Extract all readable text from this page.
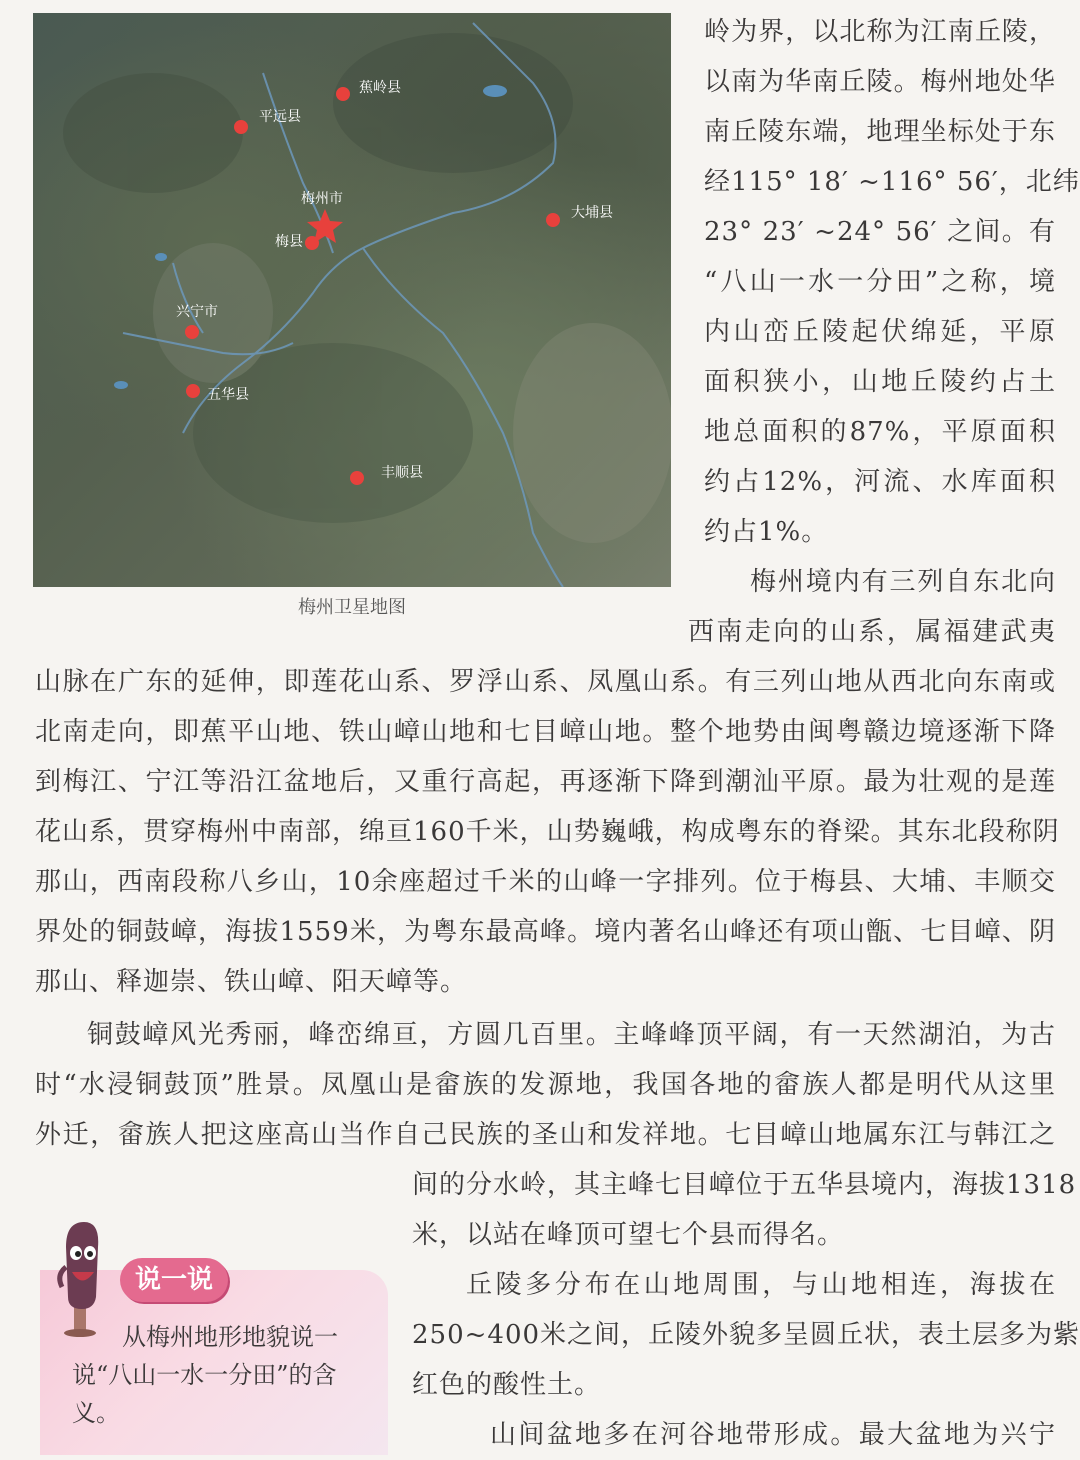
蕉岭县
平远县
梅州市
梅县
大埔县
兴宁市
五华县
丰顺县
梅州卫星地图
岭为界，以北称为江南丘陵，
以南为华南丘陵。梅州地处华
南丘陵东端，地理坐标处于东
经115° 18′ ~116° 56′，北纬
23° 23′ ~24° 56′ 之间。有
“八山一水一分田”之称，境
内山峦丘陵起伏绵延，平原
面积狭小，山地丘陵约占土
地总面积的87%，平原面积
约占12%，河流、水库面积
约占1%。
梅州境内有三列自东北向
西南走向的山系，属福建武夷
山脉在广东的延伸，即莲花山系、罗浮山系、凤凰山系。有三列山地从西北向东南或
北南走向，即蕉平山地、铁山嶂山地和七目嶂山地。整个地势由闽粤赣边境逐渐下降
到梅江、宁江等沿江盆地后，又重行高起，再逐渐下降到潮汕平原。最为壮观的是莲
花山系，贯穿梅州中南部，绵亘160千米，山势巍峨，构成粤东的脊梁。其东北段称阴
那山，西南段称八乡山，10余座超过千米的山峰一字排列。位于梅县、大埔、丰顺交
界处的铜鼓嶂，海拔1559米，为粤东最高峰。境内著名山峰还有项山甑、七目嶂、阴
那山、释迦崇、铁山嶂、阳天嶂等。
铜鼓嶂风光秀丽，峰峦绵亘，方圆几百里。主峰峰顶平阔，有一天然湖泊，为古
时“水浸铜鼓顶”胜景。凤凰山是畲族的发源地，我国各地的畲族人都是明代从这里
外迁，畲族人把这座高山当作自己民族的圣山和发祥地。七目嶂山地属东江与韩江之
间的分水岭，其主峰七目嶂位于五华县境内，海拔1318
米，以站在峰顶可望七个县而得名。
丘陵多分布在山地周围，与山地相连，海拔在
250~400米之间，丘陵外貌多呈圆丘状，表土层多为紫
红色的酸性土。
山间盆地多在河谷地带形成。最大盆地为兴宁
说一说
从梅州地形地貌说一
说“八山一水一分田”的含
义。
